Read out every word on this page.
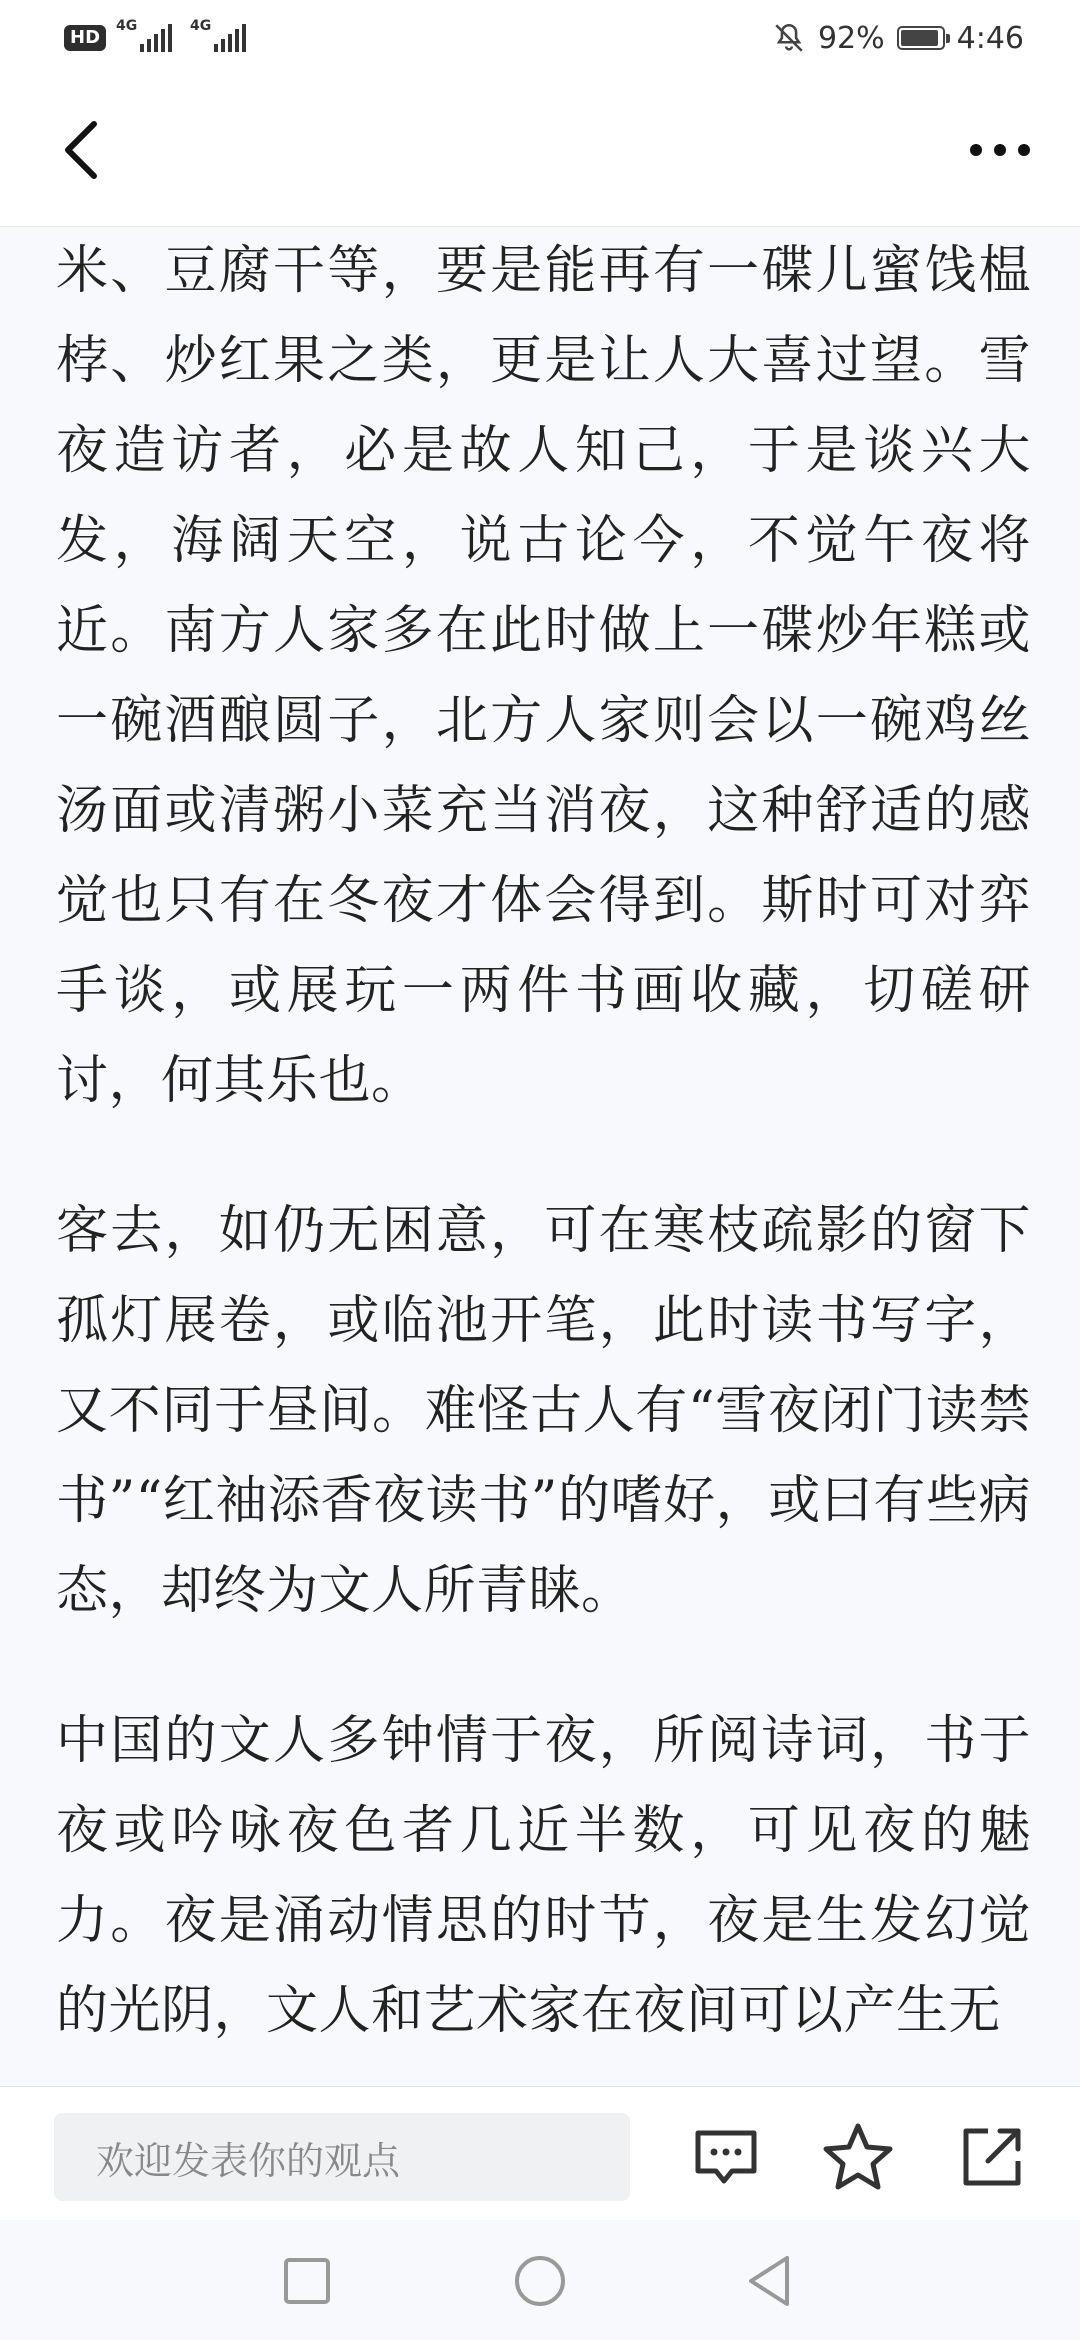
HD
4G	4G	92% 4:46

米、豆腐干等，要是能再有一碟儿蜜饯榅桲、炒红果之类，更是让人大喜过望。雪夜造访者，必是故人知己，于是谈兴大发，海阔天空，说古论今，不觉午夜将近。南方人家多在此时做上一碟炒年糕或一碗酒酿圆子，北方人家则会以一碗鸡丝汤面或清粥小菜充当消夜，这种舒适的感觉也只有在冬夜才体会得到。斯时可对弈手谈，或展玩一两件书画收藏，切磋研讨，何其乐也。

客去，如仍无困意，可在寒枝疏影的窗下孤灯展卷，或临池开笔，此时读书写字，又不同于昼间。难怪古人有“雪夜闭门读禁书”“红袖添香夜读书”的嗜好，或曰有些病态，却终为文人所青睐。

中国的文人多钟情于夜，所阅诗词，书于夜或吟咏夜色者几近半数，可见夜的魅力。夜是涌动情思的时节，夜是生发幻觉的光阴，文人和艺术家在夜间可以产生无

欢迎发表你的观点
